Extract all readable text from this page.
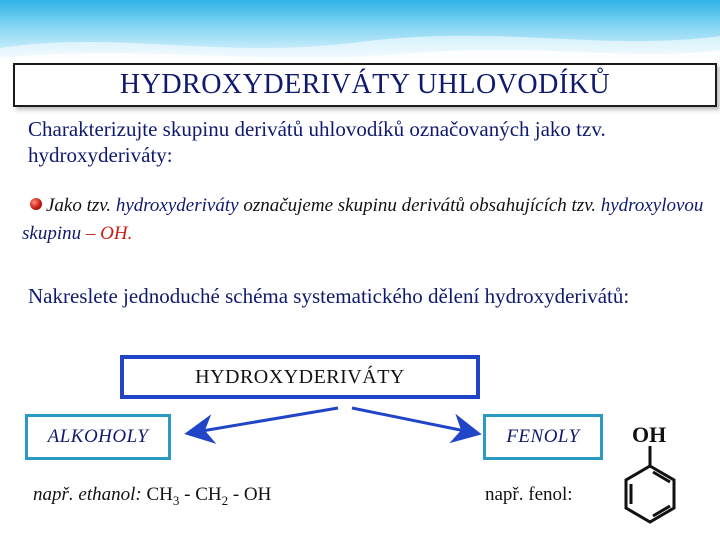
HYDROXYDERIVÁTY UHLOVODÍKŮ
Charakterizujte skupinu derivátů uhlovodíků označovaných jako tzv. hydroxyderiváty:
Jako tzv. hydroxyderiváty označujeme skupinu derivátů obsahujících tzv. hydroxylovou skupinu – OH.
Nakreslete jednoduché schéma systematického dělení hydroxyderivátů:
HYDROXYDERIVÁTY
ALKOHOLY	FENOLY
např. ethanol: $CH_3 - CH_2$ - OH	např. fenol:
OH
